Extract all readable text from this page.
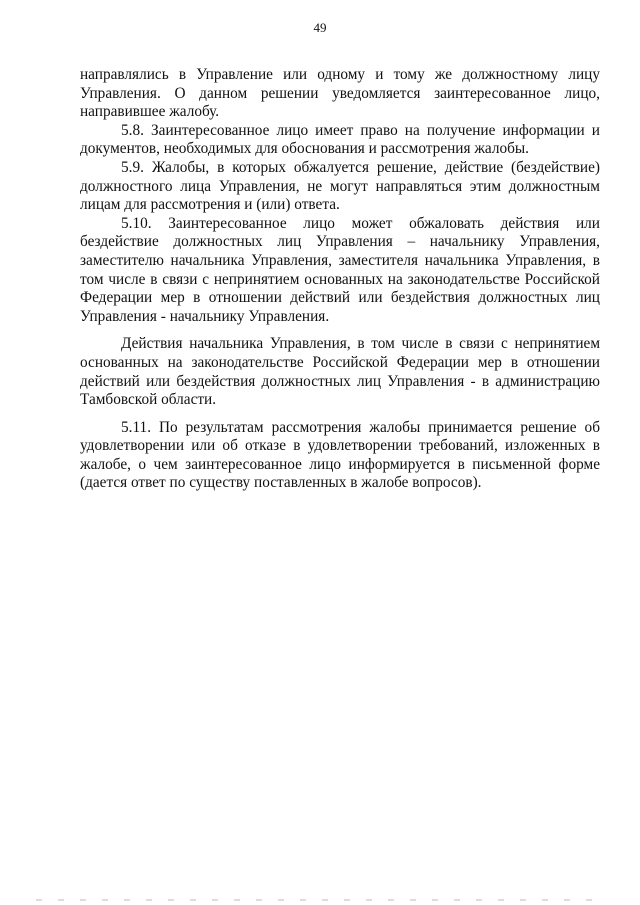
49

направлялись в Управление или одному и тому же должностному лицу Управления. О данном решении уведомляется заинтересованное лицо, направившее жалобу.

5.8. Заинтересованное лицо имеет право на получение информации и документов, необходимых для обоснования и рассмотрения жалобы.

5.9. Жалобы, в которых обжалуется решение, действие (бездействие) должностного лица Управления, не могут направляться этим должностным лицам для рассмотрения и (или) ответа.

5.10. Заинтересованное лицо может обжаловать действия или бездействие должностных лиц Управления – начальнику Управления, заместителю начальника Управления, заместителя начальника Управления, в том числе в связи с непринятием основанных на законодательстве Российской Федерации мер в отношении действий или бездействия должностных лиц Управления - начальнику Управления.

Действия начальника Управления, в том числе в связи с непринятием основанных на законодательстве Российской Федерации мер в отношении действий или бездействия должностных лиц Управления - в администрацию Тамбовской области.

5.11. По результатам рассмотрения жалобы принимается решение об удовлетворении или об отказе в удовлетворении требований, изложенных в жалобе, о чем заинтересованное лицо информируется в письменной форме (дается ответ по существу поставленных в жалобе вопросов).
